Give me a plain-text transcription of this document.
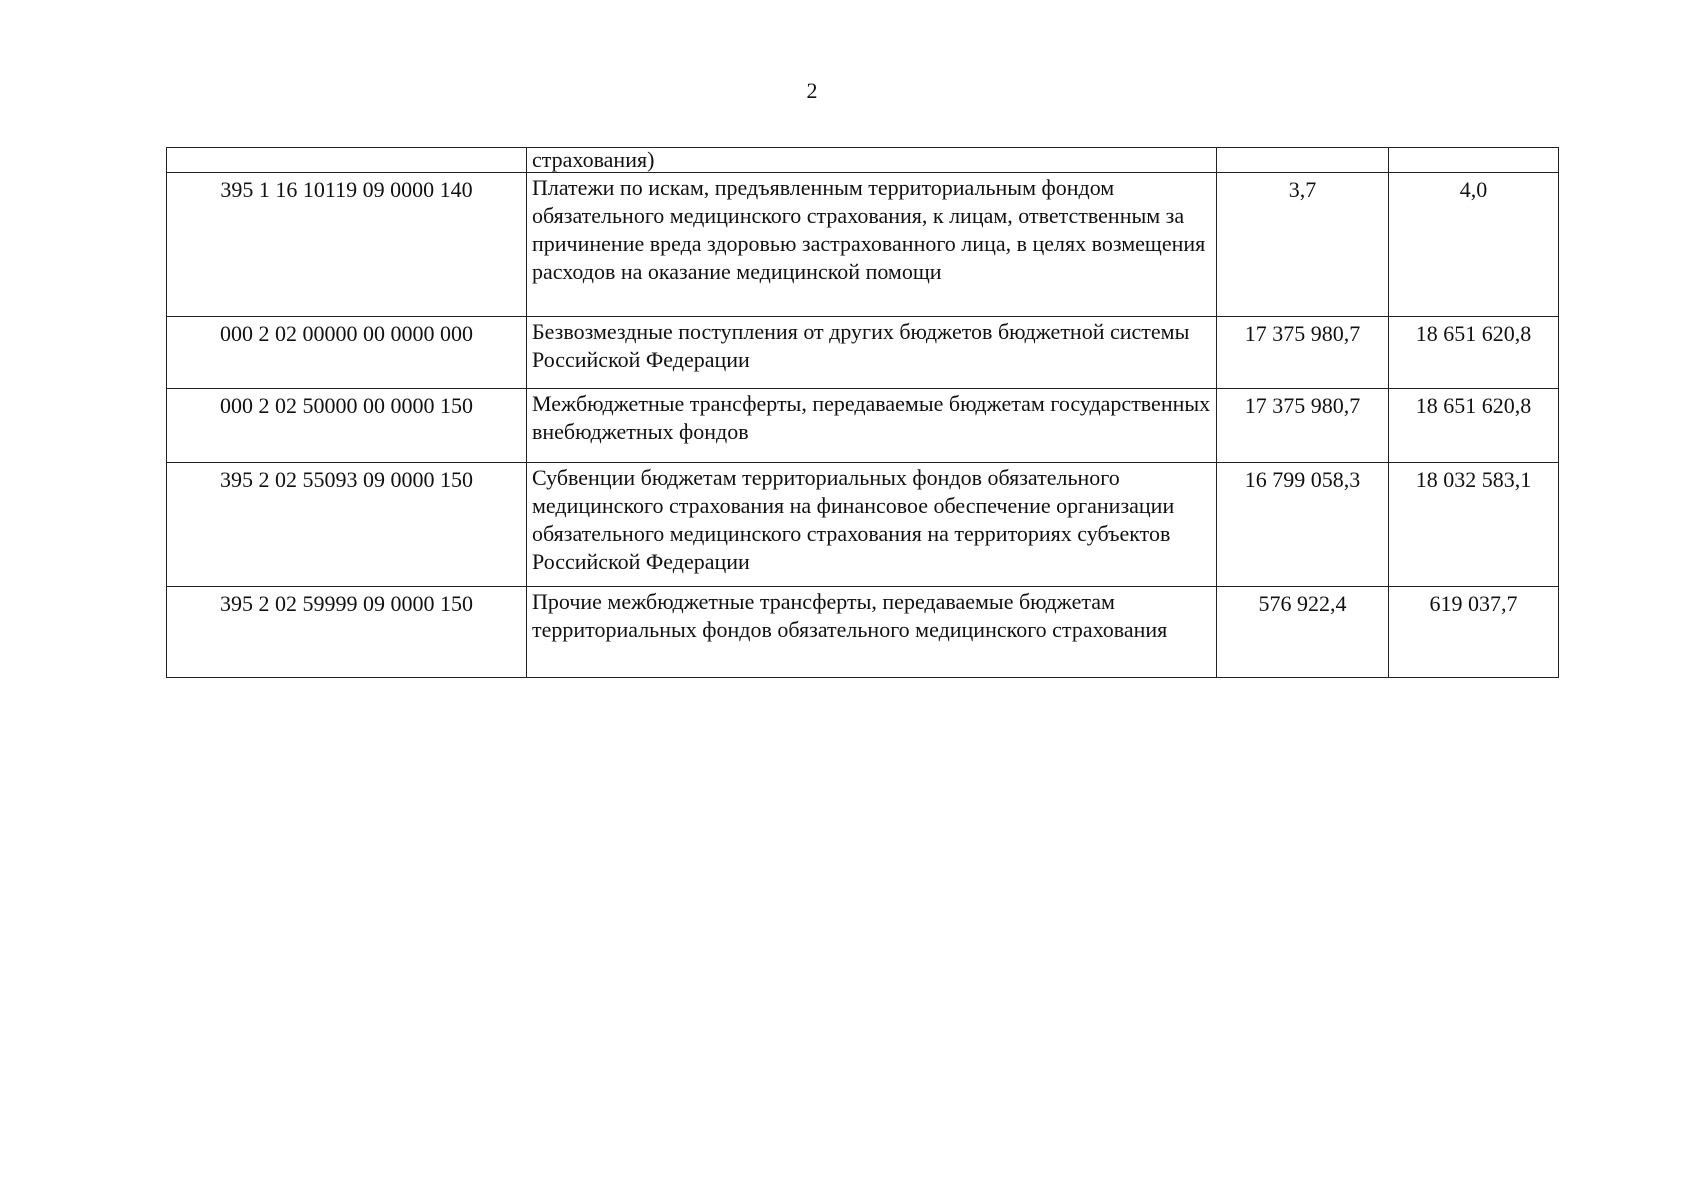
2
	страхования)		
395 1 16 10119 09 0000 140	Платежи по искам, предъявленным территориальным фондом обязательного медицинского страхования, к лицам, ответственным за причинение вреда здоровью застрахованного лица, в целях возмещения расходов на оказание медицинской помощи	3,7	4,0
000 2 02 00000 00 0000 000	Безвозмездные поступления от других бюджетов бюджетной системы Российской Федерации	17 375 980,7	18 651 620,8
000 2 02 50000 00 0000 150	Межбюджетные трансферты, передаваемые бюджетам государственных внебюджетных фондов	17 375 980,7	18 651 620,8
395 2 02 55093 09 0000 150	Субвенции бюджетам территориальных фондов обязательного медицинского страхования на финансовое обеспечение организации обязательного медицинского страхования на территориях субъектов Российской Федерации	16 799 058,3	18 032 583,1
395 2 02 59999 09 0000 150	Прочие межбюджетные трансферты, передаваемые бюджетам территориальных фондов обязательного медицинского страхования	576 922,4	619 037,7
